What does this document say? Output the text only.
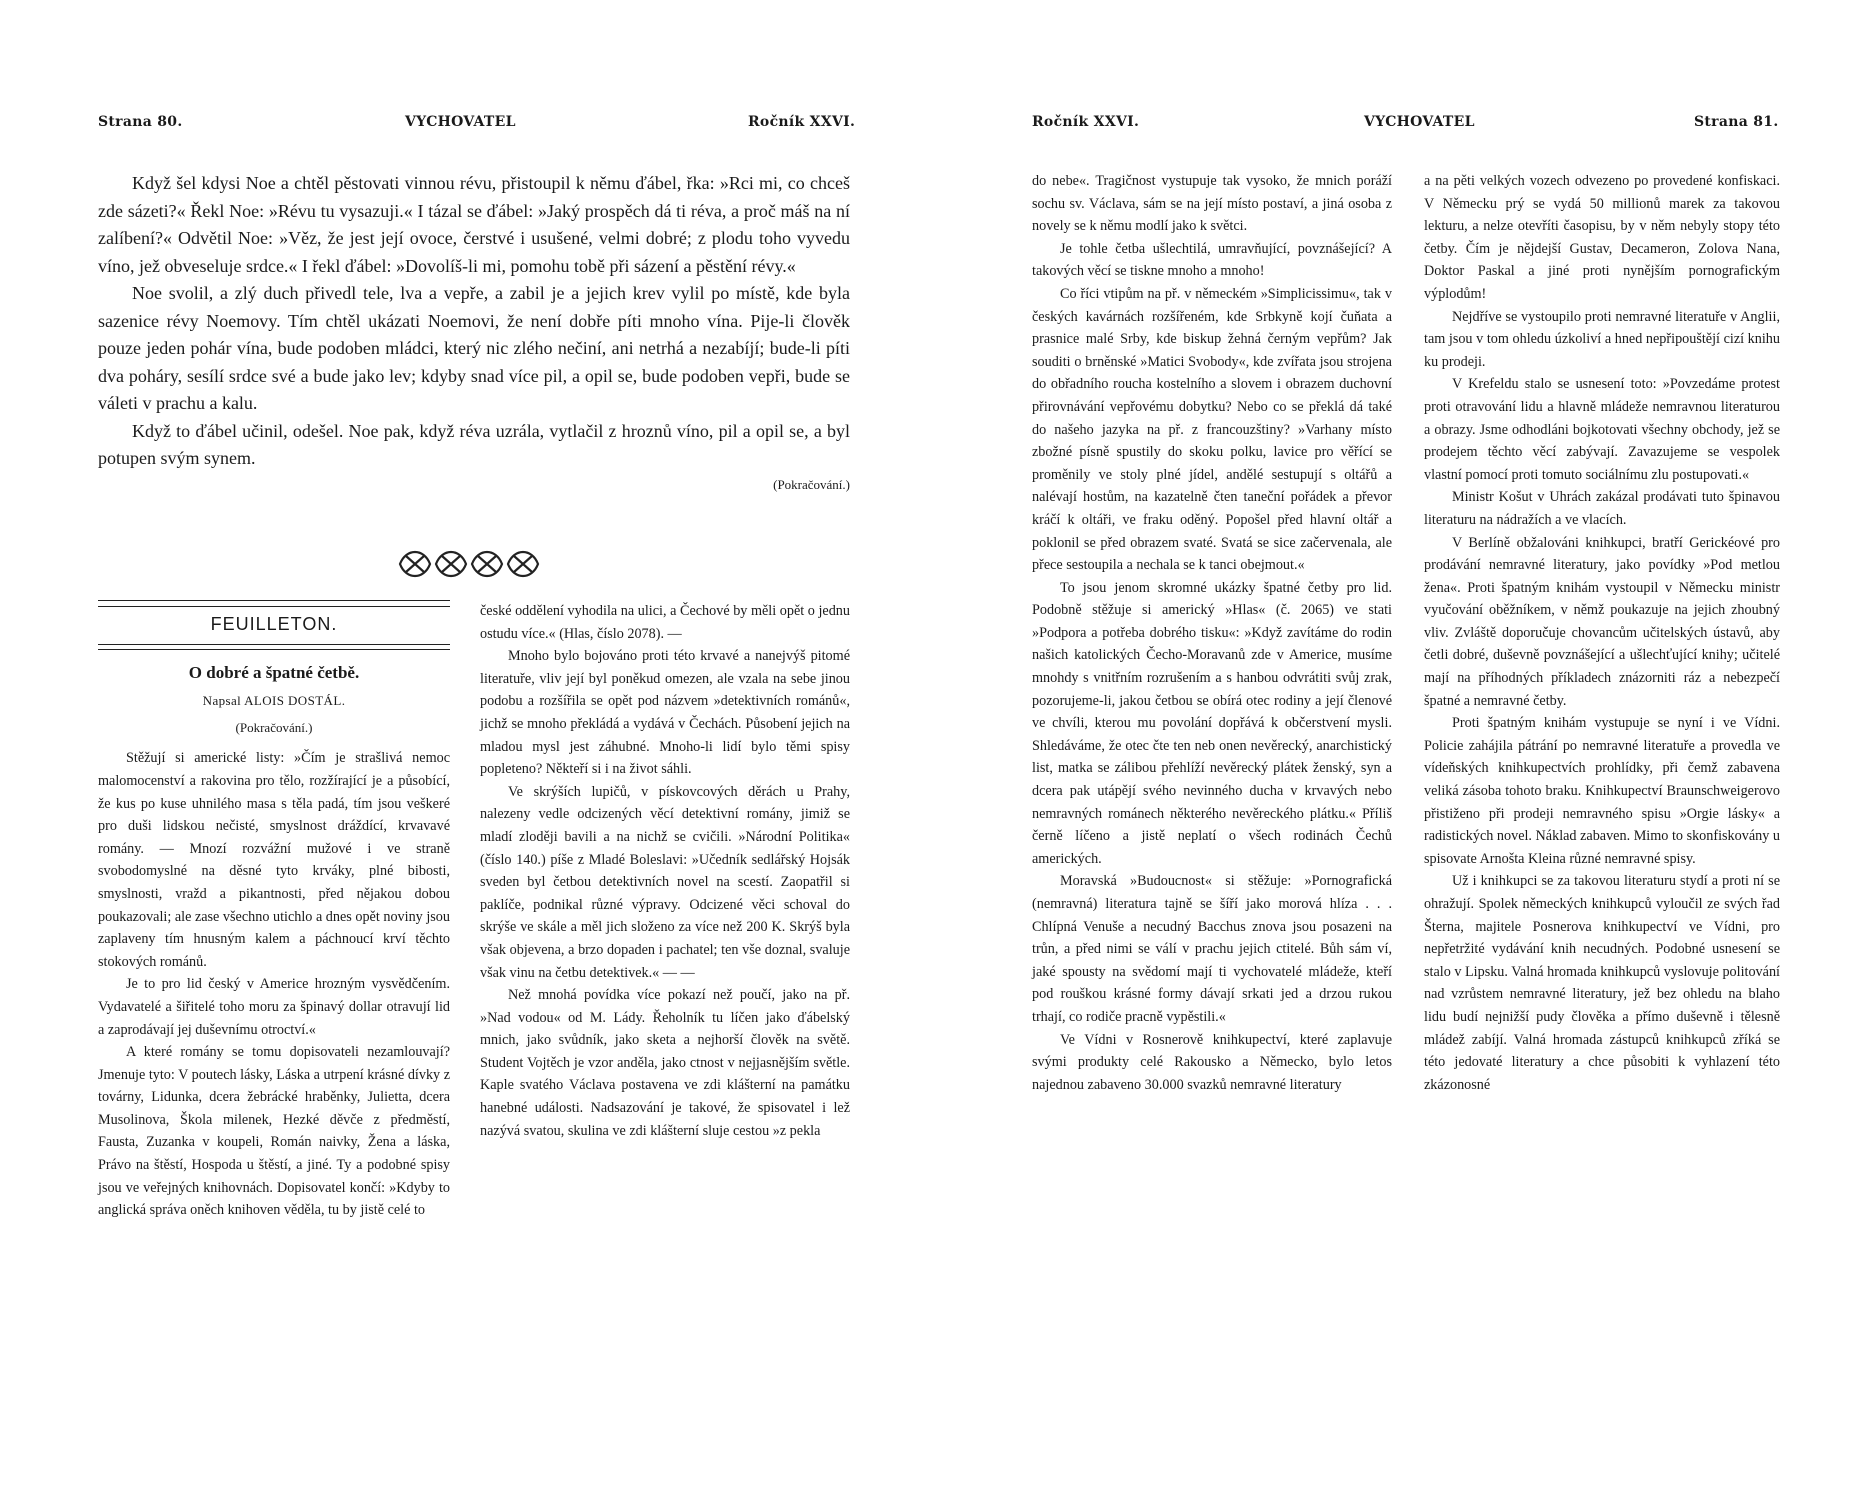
Strana 80.	VYCHOVATEL	Ročník XXVI.

Když šel kdysi Noe a chtěl pěstovati vinnou révu, přistoupil k němu ďábel, řka: »Rci mi, co chceš zde sázeti?« Řekl Noe: »Révu tu vysazuji.« I tázal se ďábel: »Jaký prospěch dá ti réva, a proč máš na ní zalíbení?« Odvětil Noe: »Věz, že jest její ovoce, čerstvé i usušené, velmi dobré; z plodu toho vyvedu víno, jež obveseluje srdce.« I řekl ďábel: »Dovolíš-li mi, pomohu tobě při sázení a pěstění révy.«

Noe svolil, a zlý duch přivedl tele, lva a vepře, a zabil je a jejich krev vylil po místě, kde byla sazenice révy Noemovy. Tím chtěl ukázati Noemovi, že není dobře píti mnoho vína. Pije-li člověk pouze jeden pohár vína, bude podoben mládci, který nic zlého nečiní, ani netrhá a nezabíjí; bude-li píti dva poháry, sesílí srdce své a bude jako lev; kdyby snad více pil, a opil se, bude podoben vepři, bude se váleti v prachu a kalu.

Když to ďábel učinil, odešel. Noe pak, když réva uzrála, vytlačil z hroznů víno, pil a opil se, a byl potupen svým synem.

(Pokračování.)
FEUILLETON.
O dobré a špatné četbě.
Napsal ALOIS DOSTÁL.
(Pokračování.)

Stěžují si americké listy: »Čím je strašlivá nemoc malomocenství a rakovina pro tělo, rozžírající je a působící, že kus po kuse uhnilého masa s těla padá, tím jsou veškeré pro duši lidskou nečisté, smyslnost dráždící, krvavavé romány. — Mnozí rozvážní mužové i ve straně svobodomyslné na děsné tyto krváky, plné bibosti, smyslnosti, vražd a pikantnosti, před nějakou dobou poukazovali; ale zase všechno utichlo a dnes opět noviny jsou zaplaveny tím hnusným kalem a páchnoucí krví těchto stokových románů.

Je to pro lid český v Americe hrozným vysvědčením. Vydavatelé a šiřitelé toho moru za špinavý dollar otravují lid a zaprodávají jej duševnímu otroctví.«

A které romány se tomu dopisovateli nezamlouvají? Jmenuje tyto: V poutech lásky, Láska a utrpení krásné dívky z továrny, Lidunka, dcera žebrácké hraběnky, Julietta, dcera Musolinova, Škola milenek, Hezké děvče z předměstí, Fausta, Zuzanka v koupeli, Román naivky, Žena a láska, Právo na štěstí, Hospoda u štěstí, a jiné. Ty a podobné spisy jsou ve veřejných knihovnách. Dopisovatel končí: »Kdyby to anglická správa oněch knihoven věděla, tu by jistě celé to

české oddělení vyhodila na ulici, a Čechové by měli opět o jednu ostudu více.« (Hlas, číslo 2078). —

Mnoho bylo bojováno proti této krvavé a nanejvýš pitomé literatuře, vliv její byl poněkud omezen, ale vzala na sebe jinou podobu a rozšířila se opět pod názvem »detektivních románů«, jichž se mnoho překládá a vydává v Čechách. Působení jejich na mladou mysl jest záhubné. Mnoho-li lidí bylo těmi spisy popleteno? Někteří si i na život sáhli.

Ve skrýších lupičů, v pískovcových děrách u Prahy, nalezeny vedle odcizených věcí detektivní romány, jimiž se mladí zloději bavili a na nichž se cvičili. »Národní Politika« (číslo 140.) píše z Mladé Boleslavi: »Učedník sedlářský Hojsák sveden byl četbou detektivních novel na scestí. Zaopatřil si paklíče, podnikal různé výpravy. Odcizené věci schoval do skrýše ve skále a měl jich složeno za více než 200 K. Skrýš byla však objevena, a brzo dopaden i pachatel; ten vše doznal, svaluje však vinu na četbu detektivek.« — —

Než mnohá povídka více pokazí než poučí, jako na př. »Nad vodou« od M. Lády. Řeholník tu líčen jako ďábelský mnich, jako svůdník, jako sketa a nejhorší člověk na světě. Student Vojtěch je vzor anděla, jako ctnost v nejjasnějším světle. Kaple svatého Václava postavena ve zdi klášterní na památku hanebné události. Nadsazování je takové, že spisovatel i lež nazývá svatou, skulina ve zdi klášterní sluje cestou »z pekla

Ročník XXVI.	VYCHOVATEL	Strana 81.

do nebe«. Tragičnost vystupuje tak vysoko, že mnich poráží sochu sv. Václava, sám se na její místo postaví, a jiná osoba z novely se k němu modlí jako k světci.

Je tohle četba ušlechtilá, umravňující, povznášející? A takových věcí se tiskne mnoho a mnoho!

Co říci vtipům na př. v německém »Simplicissimu«, tak v českých kavárnách rozšířeném, kde Srbkyně kojí čuňata a prasnice malé Srby, kde biskup žehná černým vepřům? Jak souditi o brněnské »Matici Svobody«, kde zvířata jsou strojena do obřadního roucha kostelního a slovem i obrazem duchovní přirovnávání vepřovému dobytku? Nebo co se překlá dá také do našeho jazyka na př. z francouzštiny? »Varhany místo zbožné písně spustily do skoku polku, lavice pro věřící se proměnily ve stoly plné jídel, andělé sestupují s oltářů a nalévají hostům, na kazatelně čten taneční pořádek a převor kráčí k oltáři, ve fraku oděný. Popošel před hlavní oltář a poklonil se před obrazem svaté. Svatá se sice začervenala, ale přece sestoupila a nechala se k tanci obejmout.«

To jsou jenom skromné ukázky špatné četby pro lid. Podobně stěžuje si americký »Hlas« (č. 2065) ve stati »Podpora a potřeba dobrého tisku«: »Když zavítáme do rodin našich katolických Čecho-Moravanů zde v Americe, musíme mnohdy s vnitřním rozrušením a s hanbou odvrátiti svůj zrak, pozorujeme-li, jakou četbou se obírá otec rodiny a její členové ve chvíli, kterou mu povolání dopřává k občerstvení mysli. Shledáváme, že otec čte ten neb onen nevěrecký, anarchistický list, matka se zálibou přehlíží nevěrecký plátek ženský, syn a dcera pak utápějí svého nevinného ducha v krvavých nebo nemravných románech některého nevěreckého plátku.« Příliš černě líčeno a jistě neplatí o všech rodinách Čechů amerických.

Moravská »Budoucnost« si stěžuje: »Pornografická (nemravná) literatura tajně se šíří jako morová hlíza . . . Chlípná Venuše a necudný Bacchus znova jsou posazeni na trůn, a před nimi se válí v prachu jejich ctitelé. Bůh sám ví, jaké spousty na svědomí mají ti vychovatelé mládeže, kteří pod rouškou krásné formy dávají srkati jed a drzou rukou trhají, co rodiče pracně vypěstili.«

Ve Vídni v Rosnerově knihkupectví, které zaplavuje svými produkty celé Rakousko a Německo, bylo letos najednou zabaveno 30.000 svazků nemravné literatury

a na pěti velkých vozech odvezeno po provedené konfiskaci. V Německu prý se vydá 50 millionů marek za takovou lekturu, a nelze otevříti časopisu, by v něm nebyly stopy této četby. Čím je nějdejší Gustav, Decameron, Zolova Nana, Doktor Paskal a jiné proti nynějším pornografickým výplodům!

Nejdříve se vystoupilo proti nemravné literatuře v Anglii, tam jsou v tom ohledu úzkoliví a hned nepřipouštějí cizí knihu ku prodeji.

V Krefeldu stalo se usnesení toto: »Povzedáme protest proti otravování lidu a hlavně mládeže nemravnou literaturou a obrazy. Jsme odhodláni bojkotovati všechny obchody, jež se prodejem těchto věcí zabývají. Zavazujeme se vespolek vlastní pomocí proti tomuto sociálnímu zlu postupovati.«

Ministr Košut v Uhrách zakázal prodávati tuto špinavou literaturu na nádražích a ve vlacích.

V Berlíně obžalováni knihkupci, bratří Gerickéové pro prodávání nemravné literatury, jako povídky »Pod metlou žena«. Proti špatným knihám vystoupil v Německu ministr vyučování oběžníkem, v němž poukazuje na jejich zhoubný vliv. Zvláště doporučuje chovancům učitelských ústavů, aby četli dobré, duševně povznášející a ušlechťující knihy; učitelé mají na příhodných příkladech znázorniti ráz a nebezpečí špatné a nemravné četby.

Proti špatným knihám vystupuje se nyní i ve Vídni. Policie zahájila pátrání po nemravné literatuře a provedla ve vídeňských knihkupectvích prohlídky, při čemž zabavena veliká zásoba tohoto braku. Knihkupectví Braunschweigerovo přistiženo při prodeji nemravného spisu »Orgie lásky« a radistických novel. Náklad zabaven. Mimo to skonfiskovány u spisovate Arnošta Kleina různé nemravné spisy.

Už i knihkupci se za takovou literaturu stydí a proti ní se ohražují. Spolek německých knihkupců vyloučil ze svých řad Šterna, majitele Posnerova knihkupectví ve Vídni, pro nepřetržité vydávání knih necudných. Podobné usnesení se stalo v Lipsku. Valná hromada knihkupců vyslovuje politování nad vzrůstem nemravné literatury, jež bez ohledu na blaho lidu budí nejnižší pudy člověka a přímo duševně i tělesně mládež zabíjí. Valná hromada zástupců knihkupců zříká se této jedovaté literatury a chce působiti k vyhlazení této zkázonosné
